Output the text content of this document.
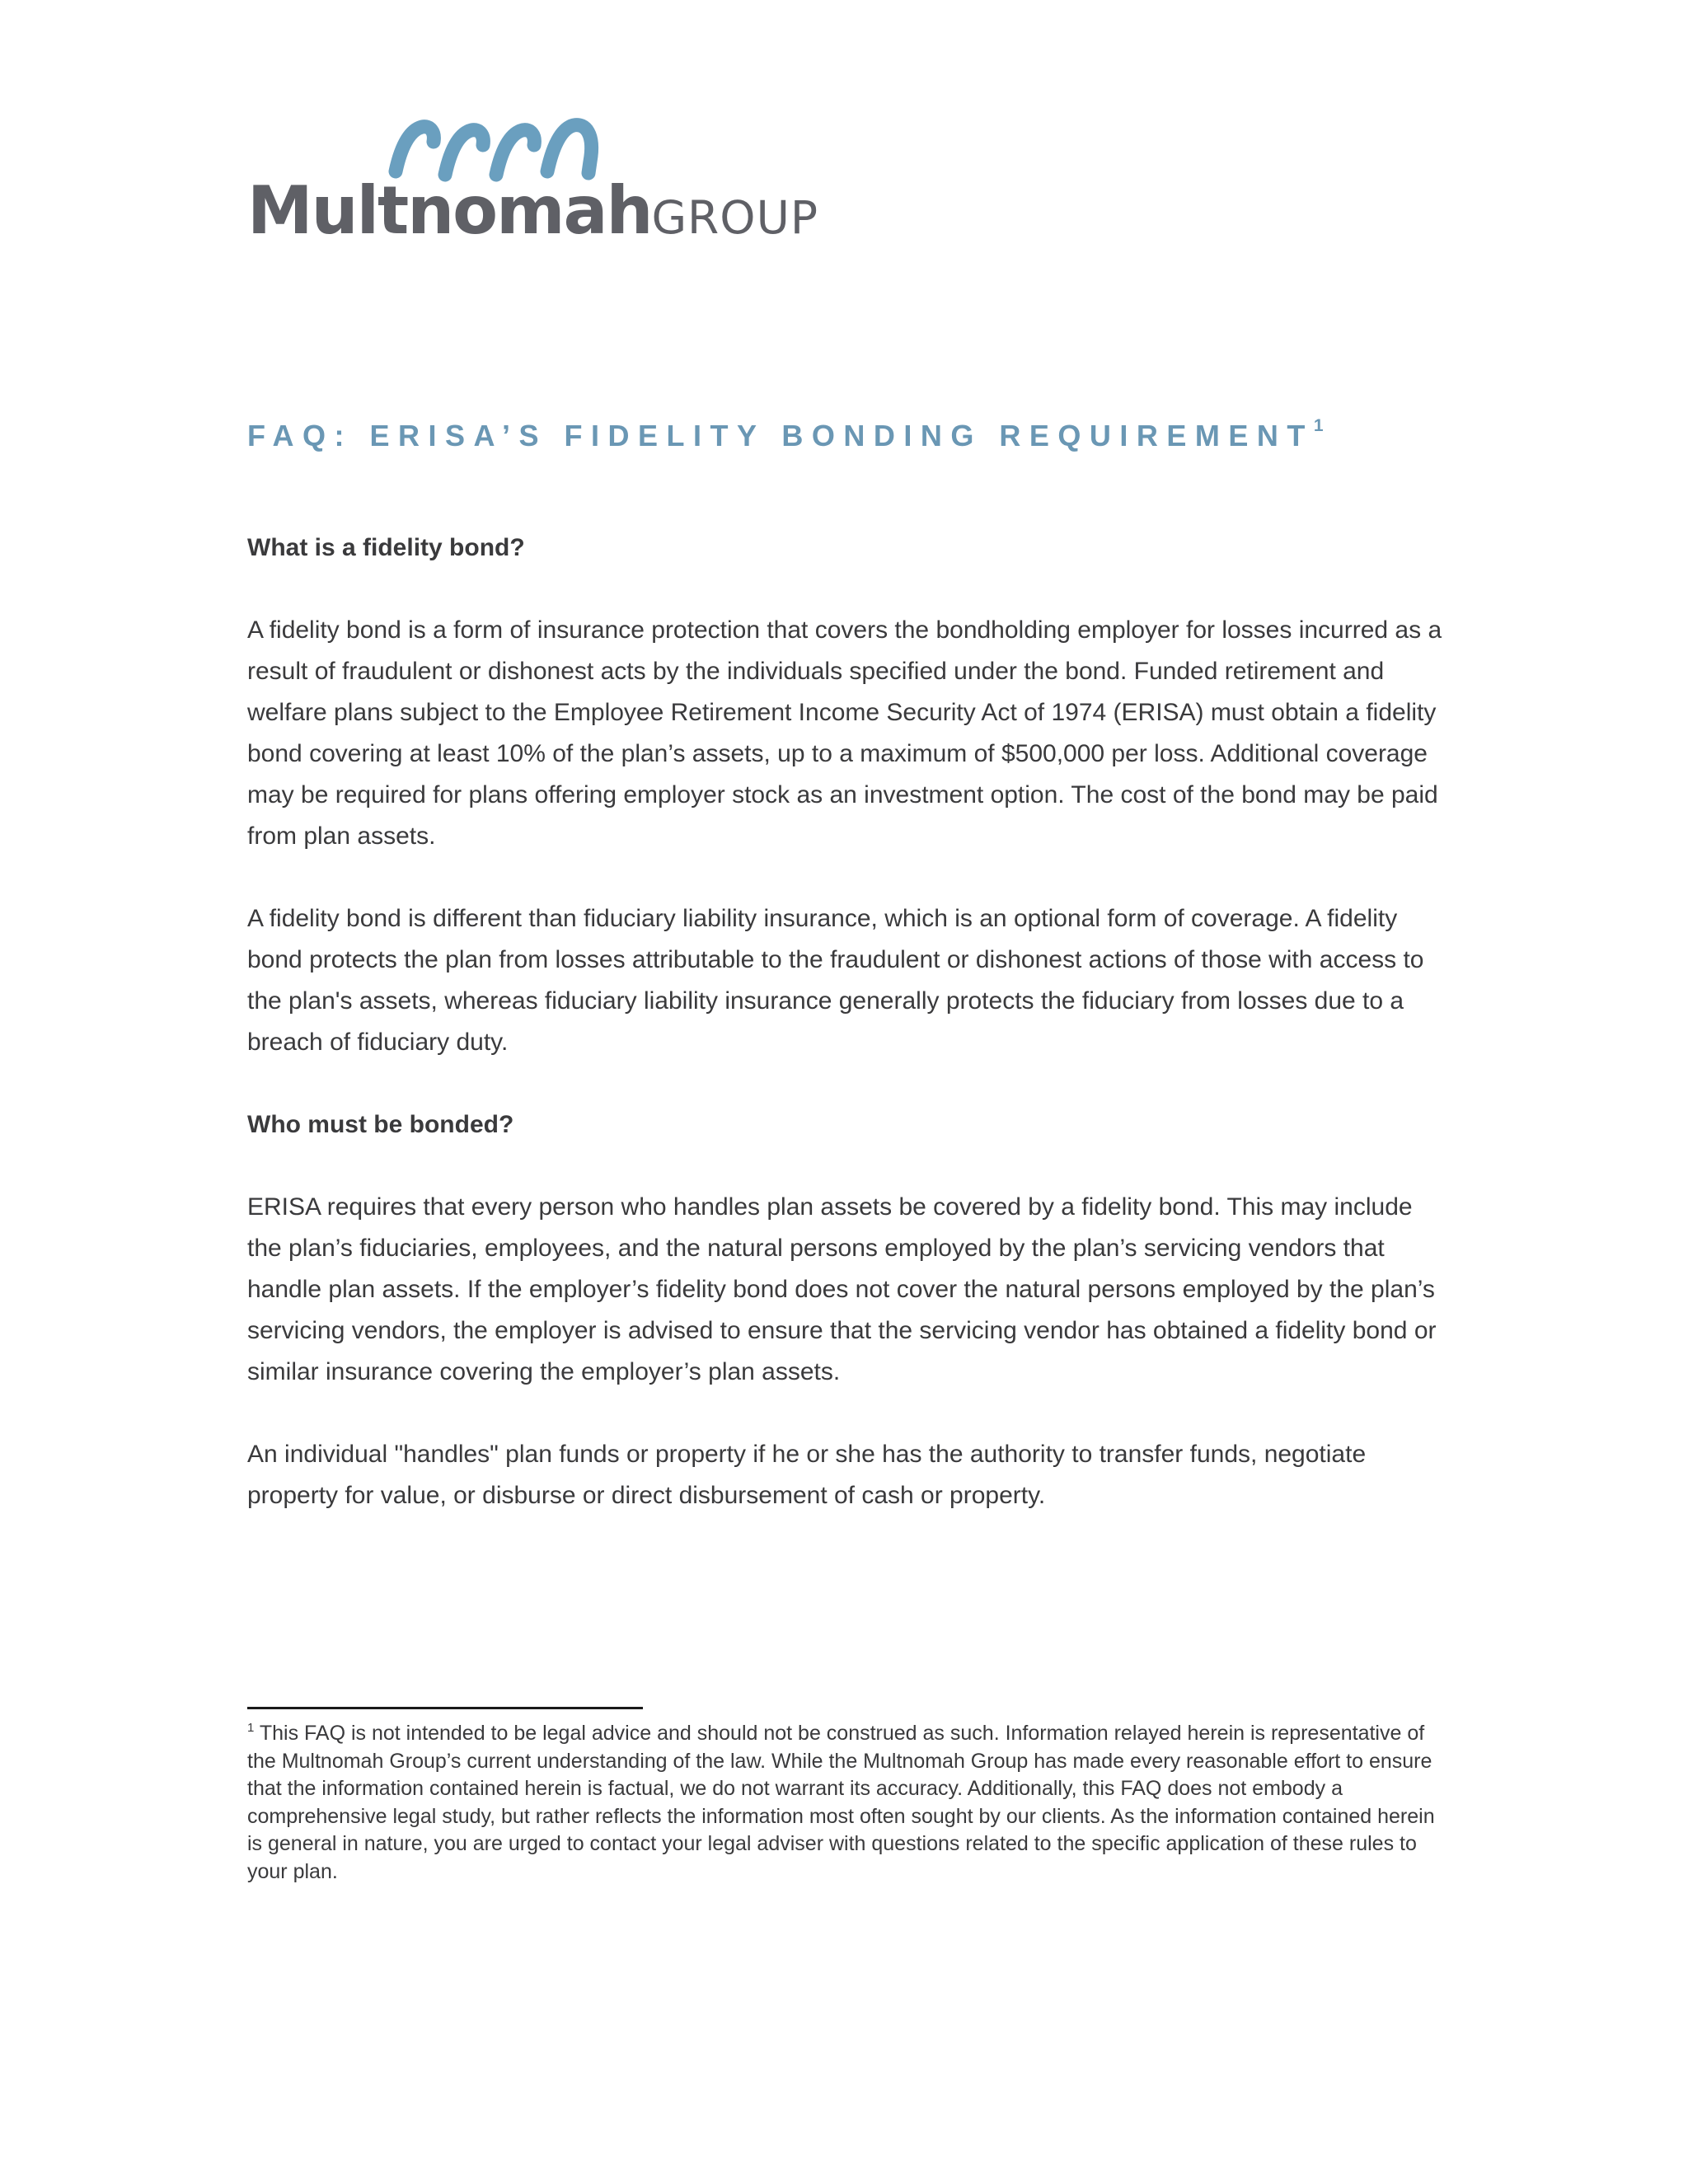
MultnomahGROUP
FAQ: ERISA’S FIDELITY BONDING REQUIREMENT$^1$
What is a fidelity bond?

A fidelity bond is a form of insurance protection that covers the bondholding employer for losses incurred as a result of fraudulent or dishonest acts by the individuals specified under the bond. Funded retirement and welfare plans subject to the Employee Retirement Income Security Act of 1974 (ERISA) must obtain a fidelity bond covering at least 10% of the plan’s assets, up to a maximum of $500,000 per loss. Additional coverage may be required for plans offering employer stock as an investment option. The cost of the bond may be paid from plan assets.

A fidelity bond is different than fiduciary liability insurance, which is an optional form of coverage. A fidelity bond protects the plan from losses attributable to the fraudulent or dishonest actions of those with access to the plan's assets, whereas fiduciary liability insurance generally protects the fiduciary from losses due to a breach of fiduciary duty.

Who must be bonded?

ERISA requires that every person who handles plan assets be covered by a fidelity bond. This may include the plan’s fiduciaries, employees, and the natural persons employed by the plan’s servicing vendors that handle plan assets. If the employer’s fidelity bond does not cover the natural persons employed by the plan’s servicing vendors, the employer is advised to ensure that the servicing vendor has obtained a fidelity bond or similar insurance covering the employer’s plan assets.

An individual "handles" plan funds or property if he or she has the authority to transfer funds, negotiate property for value, or disburse or direct disbursement of cash or property.

$^1$ This FAQ is not intended to be legal advice and should not be construed as such. Information relayed herein is representative of the Multnomah Group’s current understanding of the law. While the Multnomah Group has made every reasonable effort to ensure that the information contained herein is factual, we do not warrant its accuracy. Additionally, this FAQ does not embody a comprehensive legal study, but rather reflects the information most often sought by our clients. As the information contained herein is general in nature, you are urged to contact your legal adviser with questions related to the specific application of these rules to your plan.
